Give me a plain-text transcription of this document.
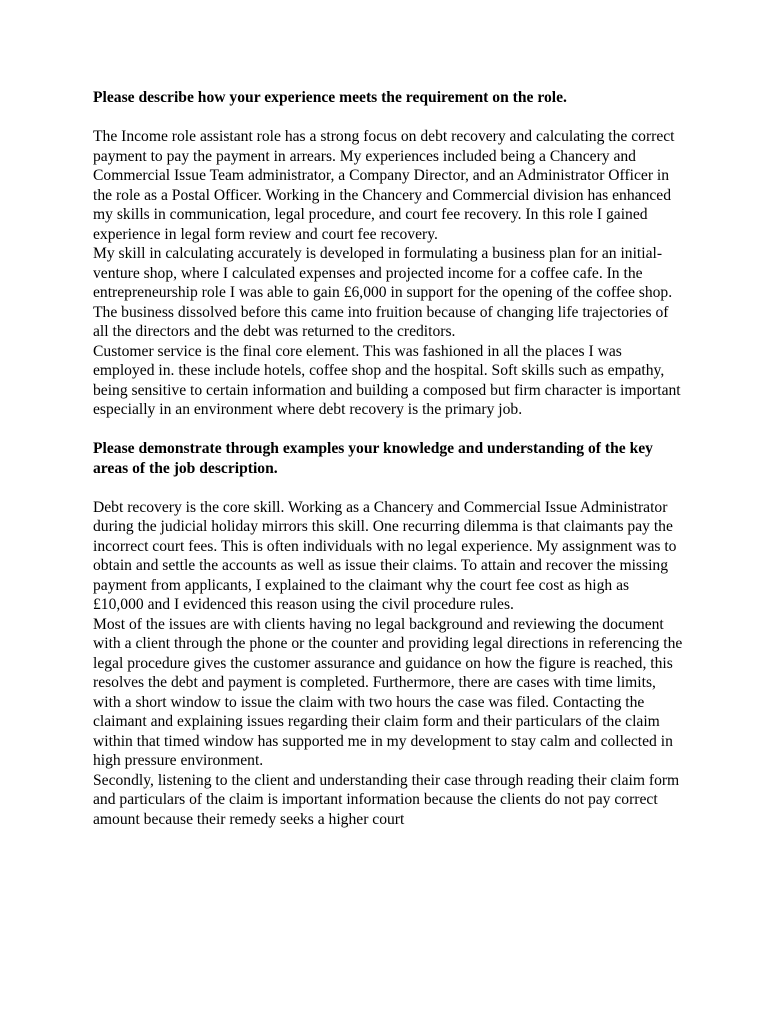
Please describe how your experience meets the requirement on the role.

The Income role assistant role has a strong focus on debt recovery and calculating the correct payment to pay the payment in arrears. My experiences included being a Chancery and Commercial Issue Team administrator, a Company Director, and an Administrator Officer in the role as a Postal Officer. Working in the Chancery and Commercial division has enhanced my skills in communication, legal procedure, and court fee recovery. In this role I gained experience in legal form review and court fee recovery.

My skill in calculating accurately is developed in formulating a business plan for an initial-venture shop, where I calculated expenses and projected income for a coffee cafe. In the entrepreneurship role I was able to gain £6,000 in support for the opening of the coffee shop. The business dissolved before this came into fruition because of changing life trajectories of all the directors and the debt was returned to the creditors.

Customer service is the final core element. This was fashioned in all the places I was employed in. these include hotels, coffee shop and the hospital. Soft skills such as empathy, being sensitive to certain information and building a composed but firm character is important especially in an environment where debt recovery is the primary job.

Please demonstrate through examples your knowledge and understanding of the key areas of the job description.

Debt recovery is the core skill. Working as a Chancery and Commercial Issue Administrator during the judicial holiday mirrors this skill. One recurring dilemma is that claimants pay the incorrect court fees. This is often individuals with no legal experience. My assignment was to obtain and settle the accounts as well as issue their claims. To attain and recover the missing payment from applicants, I explained to the claimant why the court fee cost as high as £10,000 and I evidenced this reason using the civil procedure rules.

Most of the issues are with clients having no legal background and reviewing the document with a client through the phone or the counter and providing legal directions in referencing the legal procedure gives the customer assurance and guidance on how the figure is reached, this resolves the debt and payment is completed. Furthermore, there are cases with time limits, with a short window to issue the claim with two hours the case was filed. Contacting the claimant and explaining issues regarding their claim form and their particulars of the claim within that timed window has supported me in my development to stay calm and collected in high pressure environment.

Secondly, listening to the client and understanding their case through reading their claim form and particulars of the claim is important information because the clients do not pay correct amount because their remedy seeks a higher court
